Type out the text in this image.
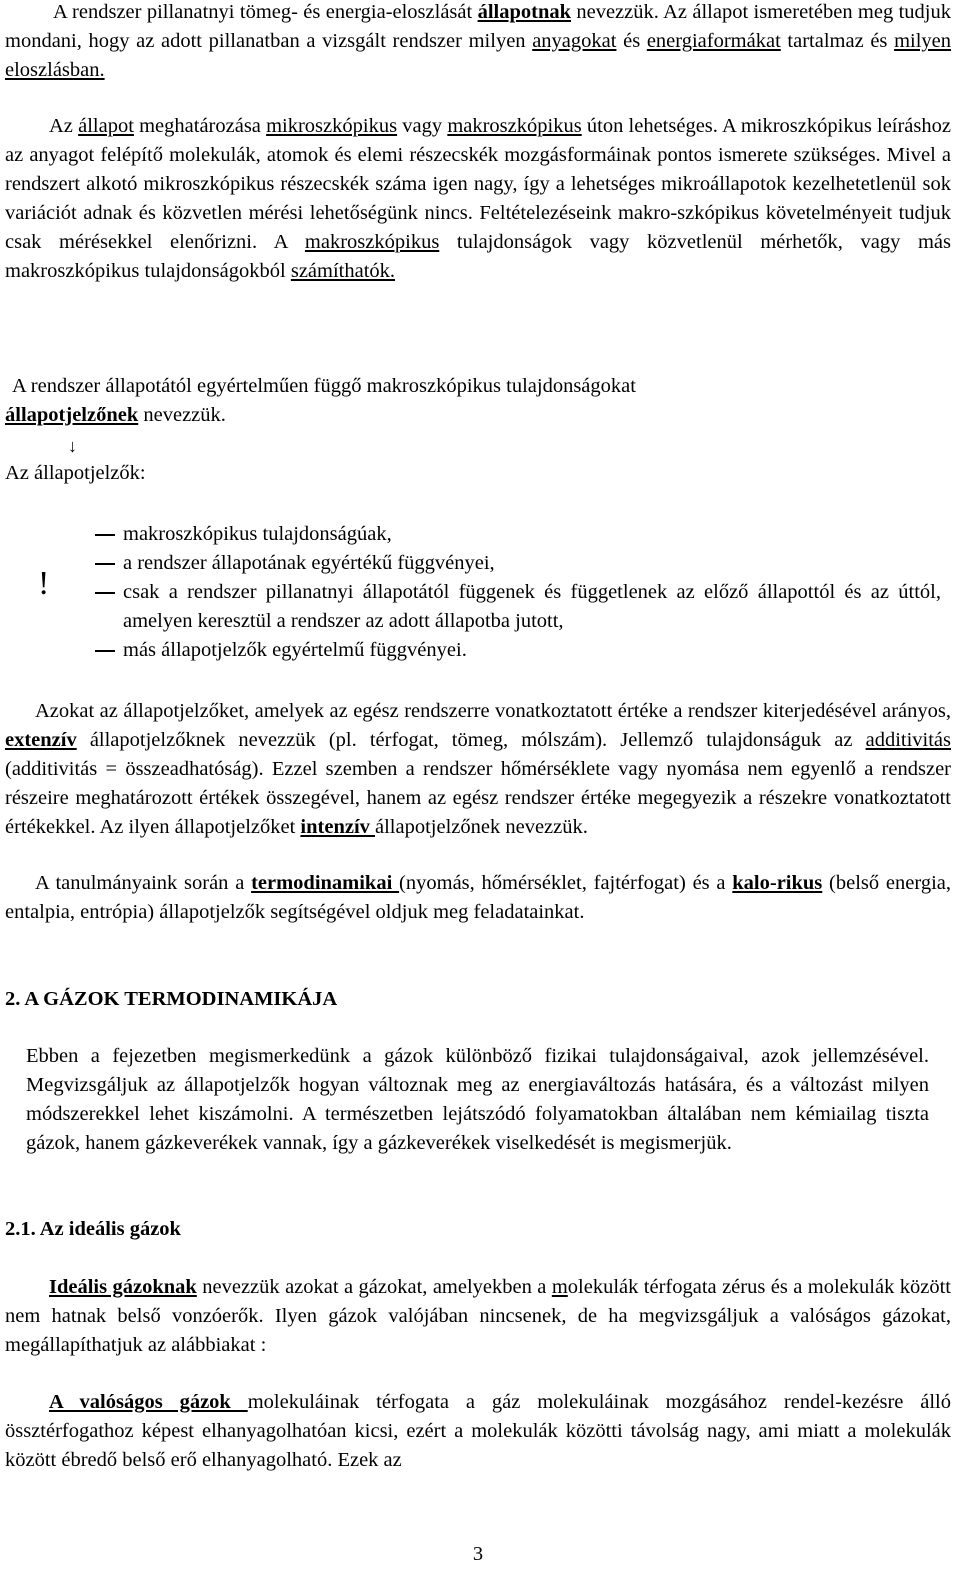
A rendszer pillanatnyi tömeg- és energia-eloszlását állapotnak nevezzük. Az állapot ismeretében meg tudjuk mondani, hogy az adott pillanatban a vizsgált rendszer milyen anyagokat és energiaformákat tartalmaz és milyen eloszlásban.

Az állapot meghatározása mikroszkópikus vagy makroszkópikus úton lehetséges. A mikroszkópikus leíráshoz az anyagot felépítő molekulák, atomok és elemi részecskék mozgásformáinak pontos ismerete szükséges. Mivel a rendszert alkotó mikroszkópikus részecskék száma igen nagy, így a lehetséges mikroállapotok kezelhetetlenül sok variációt adnak és közvetlen mérési lehetőségünk nincs. Feltételezéseink makro-szkópikus követelményeit tudjuk csak mérésekkel elenőrizni. A makroszkópikus tulajdonságok vagy közvetlenül mérhetők, vagy más makroszkópikus tulajdonságokból számíthatók.

A rendszer állapotától egyértelműen függő makroszkópikus tulajdonságokat
állapotjelzőnek nevezzük.
↓
Az állapotjelzők:
!
makroszkópikus tulajdonságúak,
a rendszer állapotának egyértékű függvényei,
csak a rendszer pillanatnyi állapotától függenek és függetlenek az előző állapottól és az úttól, amelyen keresztül a rendszer az adott állapotba jutott,
más állapotjelzők egyértelmű függvényei.

Azokat az állapotjelzőket, amelyek az egész rendszerre vonatkoztatott értéke a rendszer kiterjedésével arányos, extenzív állapotjelzőknek nevezzük (pl. térfogat, tömeg, mólszám). Jellemző tulajdonságuk az additivitás (additivitás = összeadhatóság). Ezzel szemben a rendszer hőmérséklete vagy nyomása nem egyenlő a rendszer részeire meghatározott értékek összegével, hanem az egész rendszer értéke megegyezik a részekre vonatkoztatott értékekkel. Az ilyen állapotjelzőket intenzív állapotjelzőnek nevezzük.

A tanulmányaink során a termodinamikai (nyomás, hőmérséklet, fajtérfogat) és a kalo-rikus (belső energia, entalpia, entrópia) állapotjelzők segítségével oldjuk meg feladatainkat.

2. A GÁZOK TERMODINAMIKÁJA

Ebben a fejezetben megismerkedünk a gázok különböző fizikai tulajdonságaival, azok jellemzésével. Megvizsgáljuk az állapotjelzők hogyan változnak meg az energiaváltozás hatására, és a változást milyen módszerekkel lehet kiszámolni. A természetben lejátszódó folyamatokban általában nem kémiailag tiszta gázok, hanem gázkeverékek vannak, így a gázkeverékek viselkedését is megismerjük.

2.1. Az ideális gázok

Ideális gázoknak nevezzük azokat a gázokat, amelyekben a molekulák térfogata zérus és a molekulák között nem hatnak belső vonzóerők. Ilyen gázok valójában nincsenek, de ha megvizsgáljuk a valóságos gázokat, megállapíthatjuk az alábbiakat :

A valóságos gázok molekuláinak térfogata a gáz molekuláinak mozgásához rendel-kezésre álló össztérfogathoz képest elhanyagolhatóan kicsi, ezért a molekulák közötti távolság nagy, ami miatt a molekulák között ébredő belső erő elhanyagolható. Ezek az

3
